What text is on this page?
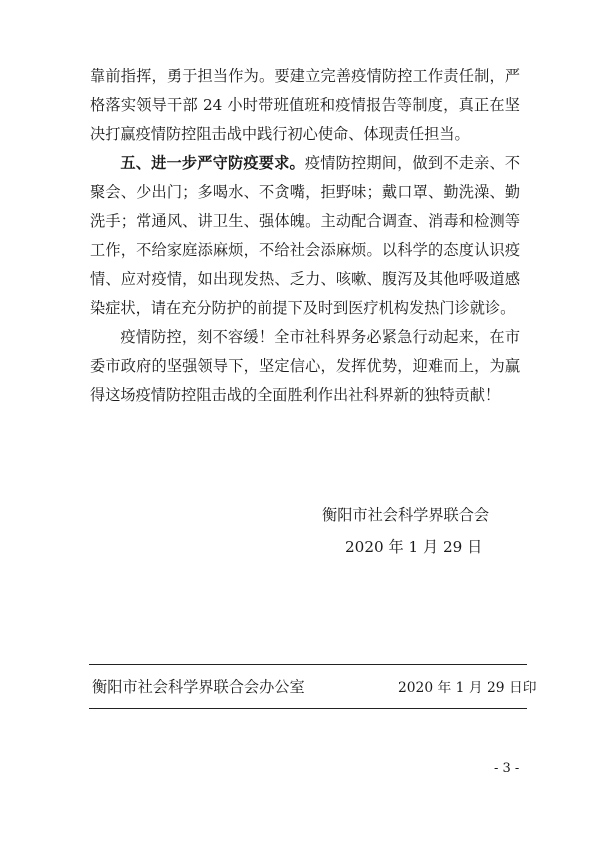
靠前指挥，勇于担当作为。要建立完善疫情防控工作责任制，严格落实领导干部 24 小时带班值班和疫情报告等制度，真正在坚决打赢疫情防控阻击战中践行初心使命、体现责任担当。

五、进一步严守防疫要求。疫情防控期间，做到不走亲、不聚会、少出门；多喝水、不贪嘴，拒野味；戴口罩、勤洗澡、勤洗手；常通风、讲卫生、强体魄。主动配合调查、消毒和检测等工作，不给家庭添麻烦，不给社会添麻烦。以科学的态度认识疫情、应对疫情，如出现发热、乏力、咳嗽、腹泻及其他呼吸道感染症状，请在充分防护的前提下及时到医疗机构发热门诊就诊。

疫情防控，刻不容缓！全市社科界务必紧急行动起来，在市委市政府的坚强领导下，坚定信心，发挥优势，迎难而上，为赢得这场疫情防控阻击战的全面胜利作出社科界新的独特贡献！

衡阳市社会科学界联合会
2020 年 1 月 29 日
衡阳市社会科学界联合会办公室	2020 年 1 月 29 日印
- 3 -
